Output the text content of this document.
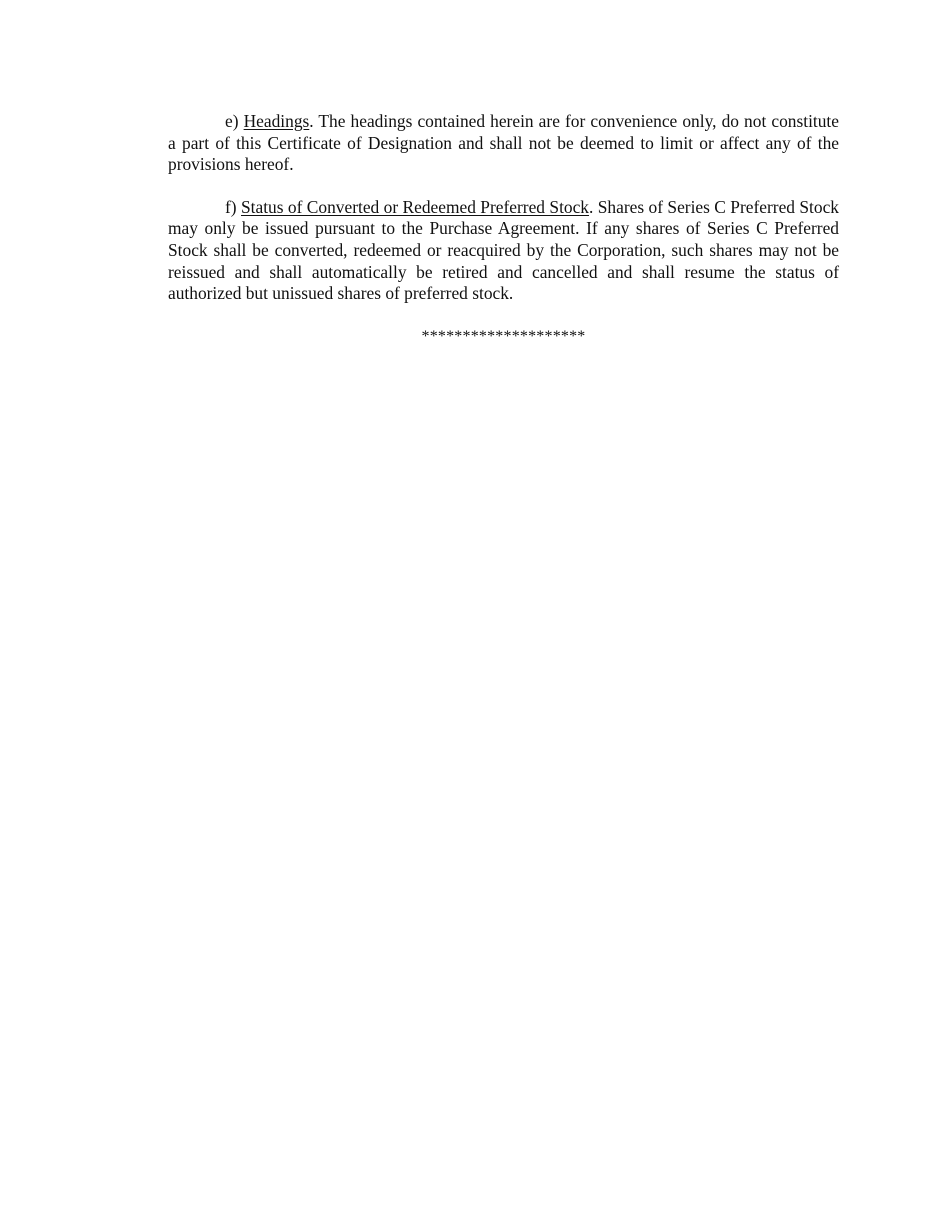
e) Headings. The headings contained herein are for convenience only, do not constitute a part of this Certificate of Designation and shall not be deemed to limit or affect any of the provisions hereof.

f) Status of Converted or Redeemed Preferred Stock. Shares of Series C Preferred Stock may only be issued pursuant to the Purchase Agreement. If any shares of Series C Preferred Stock shall be converted, redeemed or reacquired by the Corporation, such shares may not be reissued and shall automatically be retired and cancelled and shall resume the status of authorized but unissued shares of preferred stock.

********************
